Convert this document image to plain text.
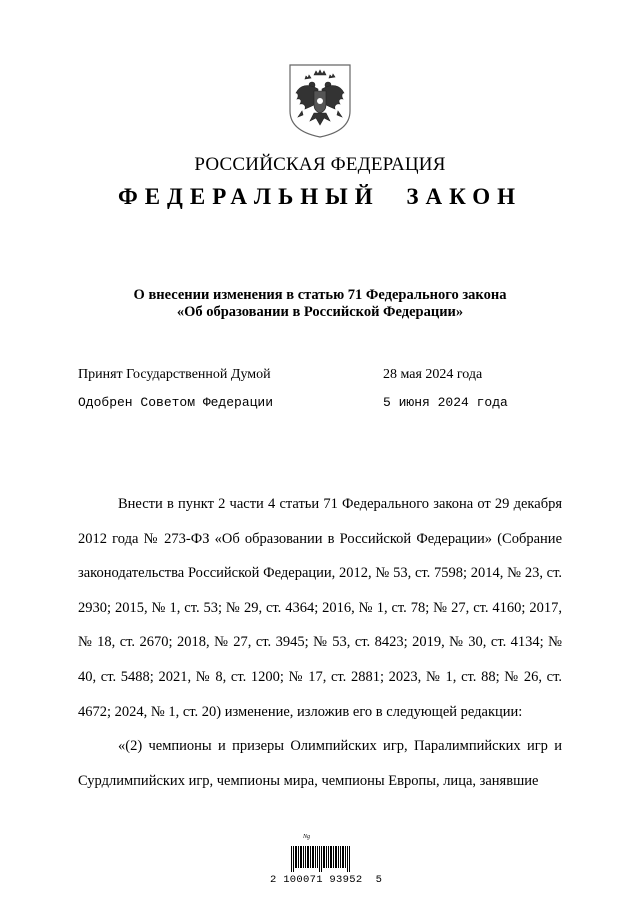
РОССИЙСКАЯ ФЕДЕРАЦИЯ
ФЕДЕРАЛЬНЫЙ ЗАКОН
О внесении изменения в статью 71 Федерального закона
«Об образовании в Российской Федерации»
Принят Государственной Думой	28 мая 2024 года
Одобрен Советом Федерации	5 июня 2024 года

Внести в пункт 2 части 4 статьи 71 Федерального закона от 29 декабря 2012 года № 273-ФЗ «Об образовании в Российской Федерации» (Собрание законодательства Российской Федерации, 2012, № 53, ст. 7598; 2014, № 23, ст. 2930; 2015, № 1, ст. 53; № 29, ст. 4364; 2016, № 1, ст. 78; № 27, ст. 4160; 2017, № 18, ст. 2670; 2018, № 27, ст. 3945; № 53, ст. 8423; 2019, № 30, ст. 4134; № 40, ст. 5488; 2021, № 8, ст. 1200; № 17, ст. 2881; 2023, № 1, ст. 88; № 26, ст. 4672; 2024, № 1, ст. 20) изменение, изложив его в следующей редакции:

«(2) чемпионы и призеры Олимпийских игр, Паралимпийских игр и Сурдлимпийских игр, чемпионы мира, чемпионы Европы, лица, занявшие

Ng
2 100071 93952  5
